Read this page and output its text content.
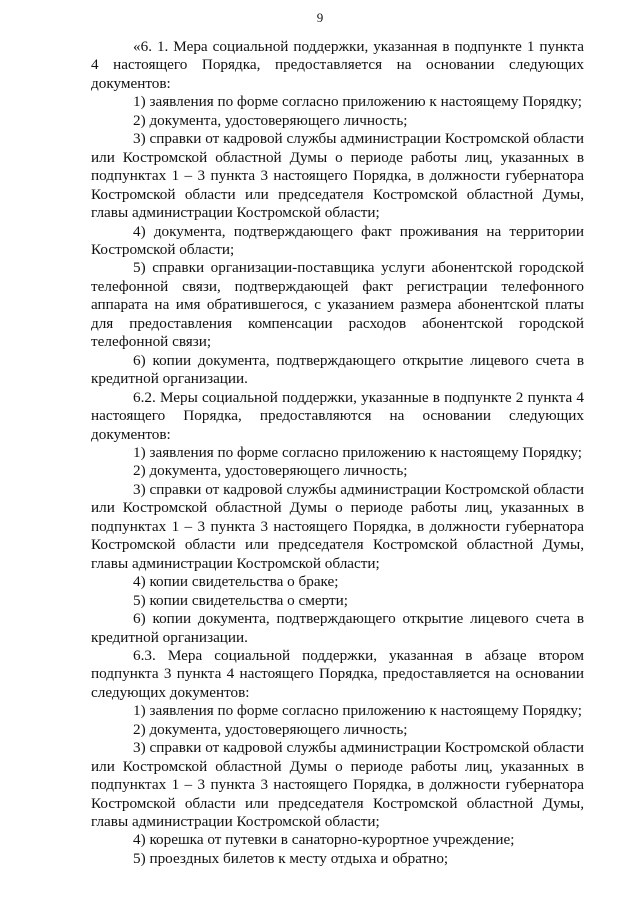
9

«6. 1. Мера социальной поддержки, указанная в подпункте 1 пункта 4 настоящего Порядка, предоставляется на основании следующих документов:

1) заявления по форме согласно приложению к настоящему Порядку;

2) документа, удостоверяющего личность;

3) справки от кадровой службы администрации Костромской области или Костромской областной Думы о периоде работы лиц, указанных в подпунктах 1 – 3 пункта 3 настоящего Порядка, в должности губернатора Костромской области или председателя Костромской областной Думы, главы администрации Костромской области;

4) документа, подтверждающего факт проживания на территории Костромской области;

5) справки организации-поставщика услуги абонентской городской телефонной связи, подтверждающей факт регистрации телефонного аппарата на имя обратившегося, с указанием размера абонентской платы для предоставления компенсации расходов абонентской городской телефонной связи;

6) копии документа, подтверждающего открытие лицевого счета в кредитной организации.

6.2. Меры социальной поддержки, указанные в подпункте 2 пункта 4 настоящего Порядка, предоставляются на основании следующих документов:

1) заявления по форме согласно приложению к настоящему Порядку;

2) документа, удостоверяющего личность;

3) справки от кадровой службы администрации Костромской области или Костромской областной Думы о периоде работы лиц, указанных в подпунктах 1 – 3 пункта 3 настоящего Порядка, в должности губернатора Костромской области или председателя Костромской областной Думы, главы администрации Костромской области;

4) копии свидетельства о браке;

5) копии свидетельства о смерти;

6) копии документа, подтверждающего открытие лицевого счета в кредитной организации.

6.3. Мера социальной поддержки, указанная в абзаце втором подпункта 3 пункта 4 настоящего Порядка, предоставляется на основании следующих документов:

1) заявления по форме согласно приложению к настоящему Порядку;

2) документа, удостоверяющего личность;

3) справки от кадровой службы администрации Костромской области или Костромской областной Думы о периоде работы лиц, указанных в подпунктах 1 – 3 пункта 3 настоящего Порядка, в должности губернатора Костромской области или председателя Костромской областной Думы, главы администрации Костромской области;

4) корешка от путевки в санаторно-курортное учреждение;

5) проездных билетов к месту отдыха и обратно;
